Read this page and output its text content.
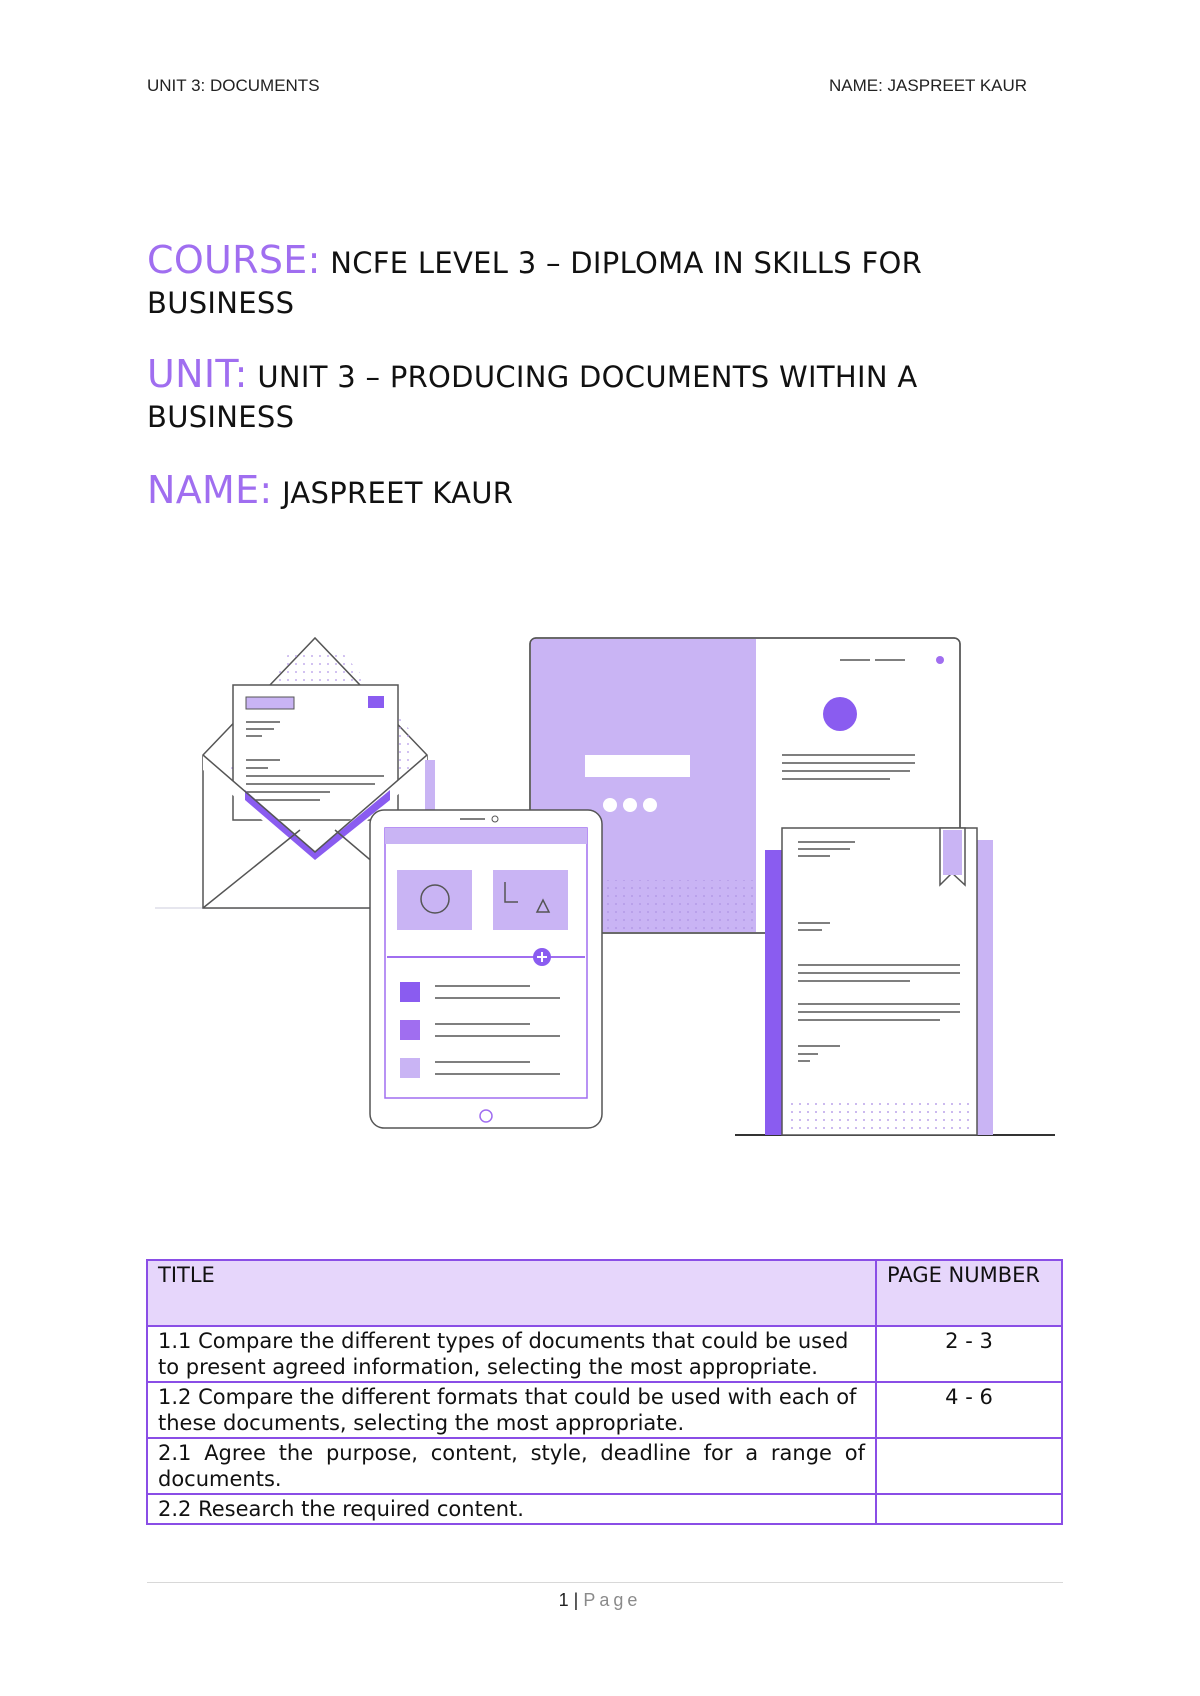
UNIT 3: DOCUMENTS	NAME: JASPREET KAUR
COURSE: NCFE LEVEL 3 – DIPLOMA IN SKILLS FOR BUSINESS
UNIT: UNIT 3 – PRODUCING DOCUMENTS WITHIN A BUSINESS
NAME: JASPREET KAUR
TITLE	PAGE NUMBER
1.1 Compare the different types of documents that could be used to present agreed information, selecting the most appropriate.	2 - 3
1.2 Compare the different formats that could be used with each of these documents, selecting the most appropriate.	4 - 6
2.1 Agree the purpose, content, style, deadline for a range of documents.	
2.2 Research the required content.	
1 | Page
